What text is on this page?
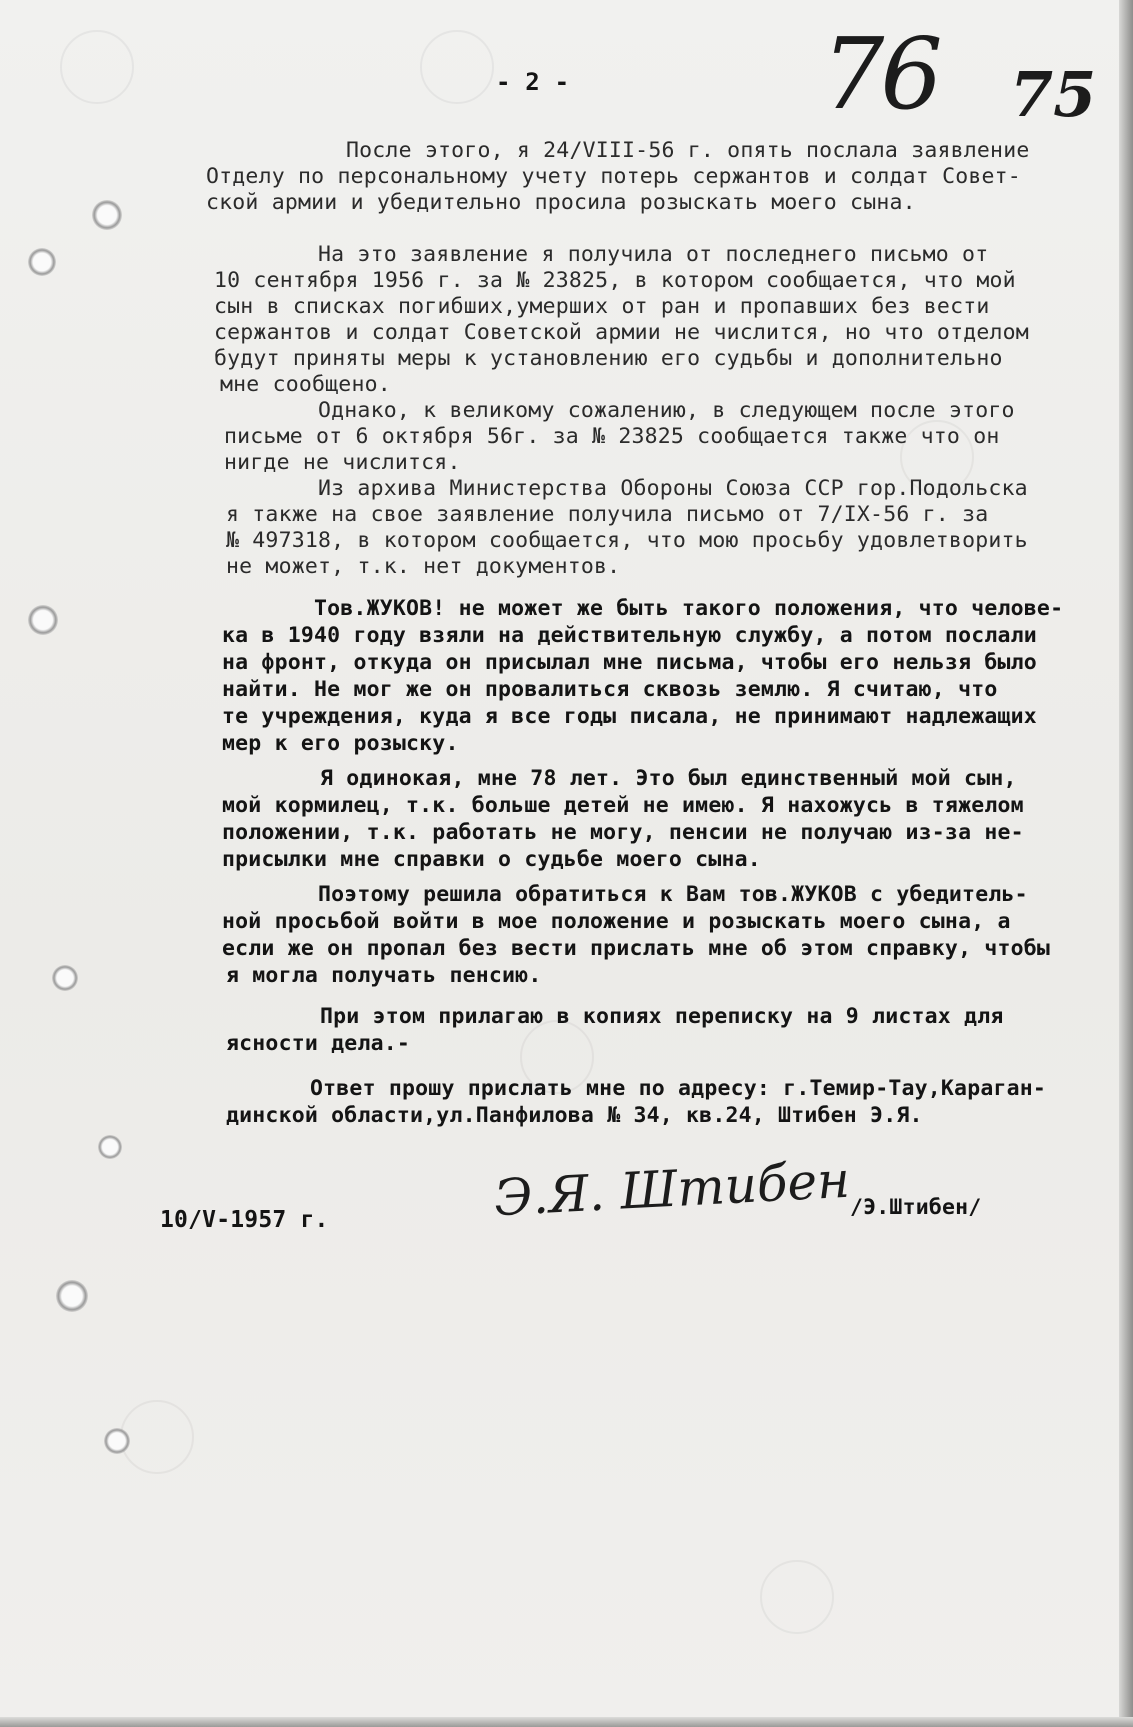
76 75
- 2 -
После этого, я 24/VIII-56 г. опять послала заявление
Отделу по персональному учету потерь сержантов и солдат Совет-
ской армии и убедительно просила розыскать моего сына.
На это заявление я получила от последнего письмо от
10 сентября 1956 г. за № 23825, в котором сообщается, что мой
сын в списках погибших,умерших от ран и пропавших без вести
сержантов и солдат Советской армии не числится, но что отделом
будут приняты меры к установлению его судьбы и дополнительно
мне сообщено.
Однако, к великому сожалению, в следующем после этого
письме от 6 октября 56г. за № 23825 сообщается также что он
нигде не числится.
Из архива Министерства Обороны Союза ССР гор.Подольска
я также на свое заявление получила письмо от 7/IX-56 г. за
№ 497318, в котором сообщается, что мою просьбу удовлетворить
не может, т.к. нет документов.
Тов.ЖУКОВ! не может же быть такого положения, что челове-
ка в 1940 году взяли на действительную службу, а потом послали
на фронт, откуда он присылал мне письма, чтобы его нельзя было
найти. Не мог же он провалиться сквозь землю. Я считаю, что
те учреждения, куда я все годы писала, не принимают надлежащих
мер к его розыску.
Я одинокая, мне 78 лет. Это был единственный мой сын,
мой кормилец, т.к. больше детей не имею. Я нахожусь в тяжелом
положении, т.к. работать не могу, пенсии не получаю из-за не-
присылки мне справки о судьбе моего сына.
Поэтому решила обратиться к Вам тов.ЖУКОВ с убедитель-
ной просьбой войти в мое положение и розыскать моего сына, а
если же он пропал без вести прислать мне об этом справку, чтобы
я могла получать пенсию.
При этом прилагаю в копиях переписку на 9 листах для
ясности дела.-
Ответ прошу прислать мне по адресу: г.Темир-Тау,Караган-
динской области,ул.Панфилова № 34, кв.24, Штибен Э.Я.
10/V-1957 г.	Э.Я. Штибен
/Э.Штибен/
